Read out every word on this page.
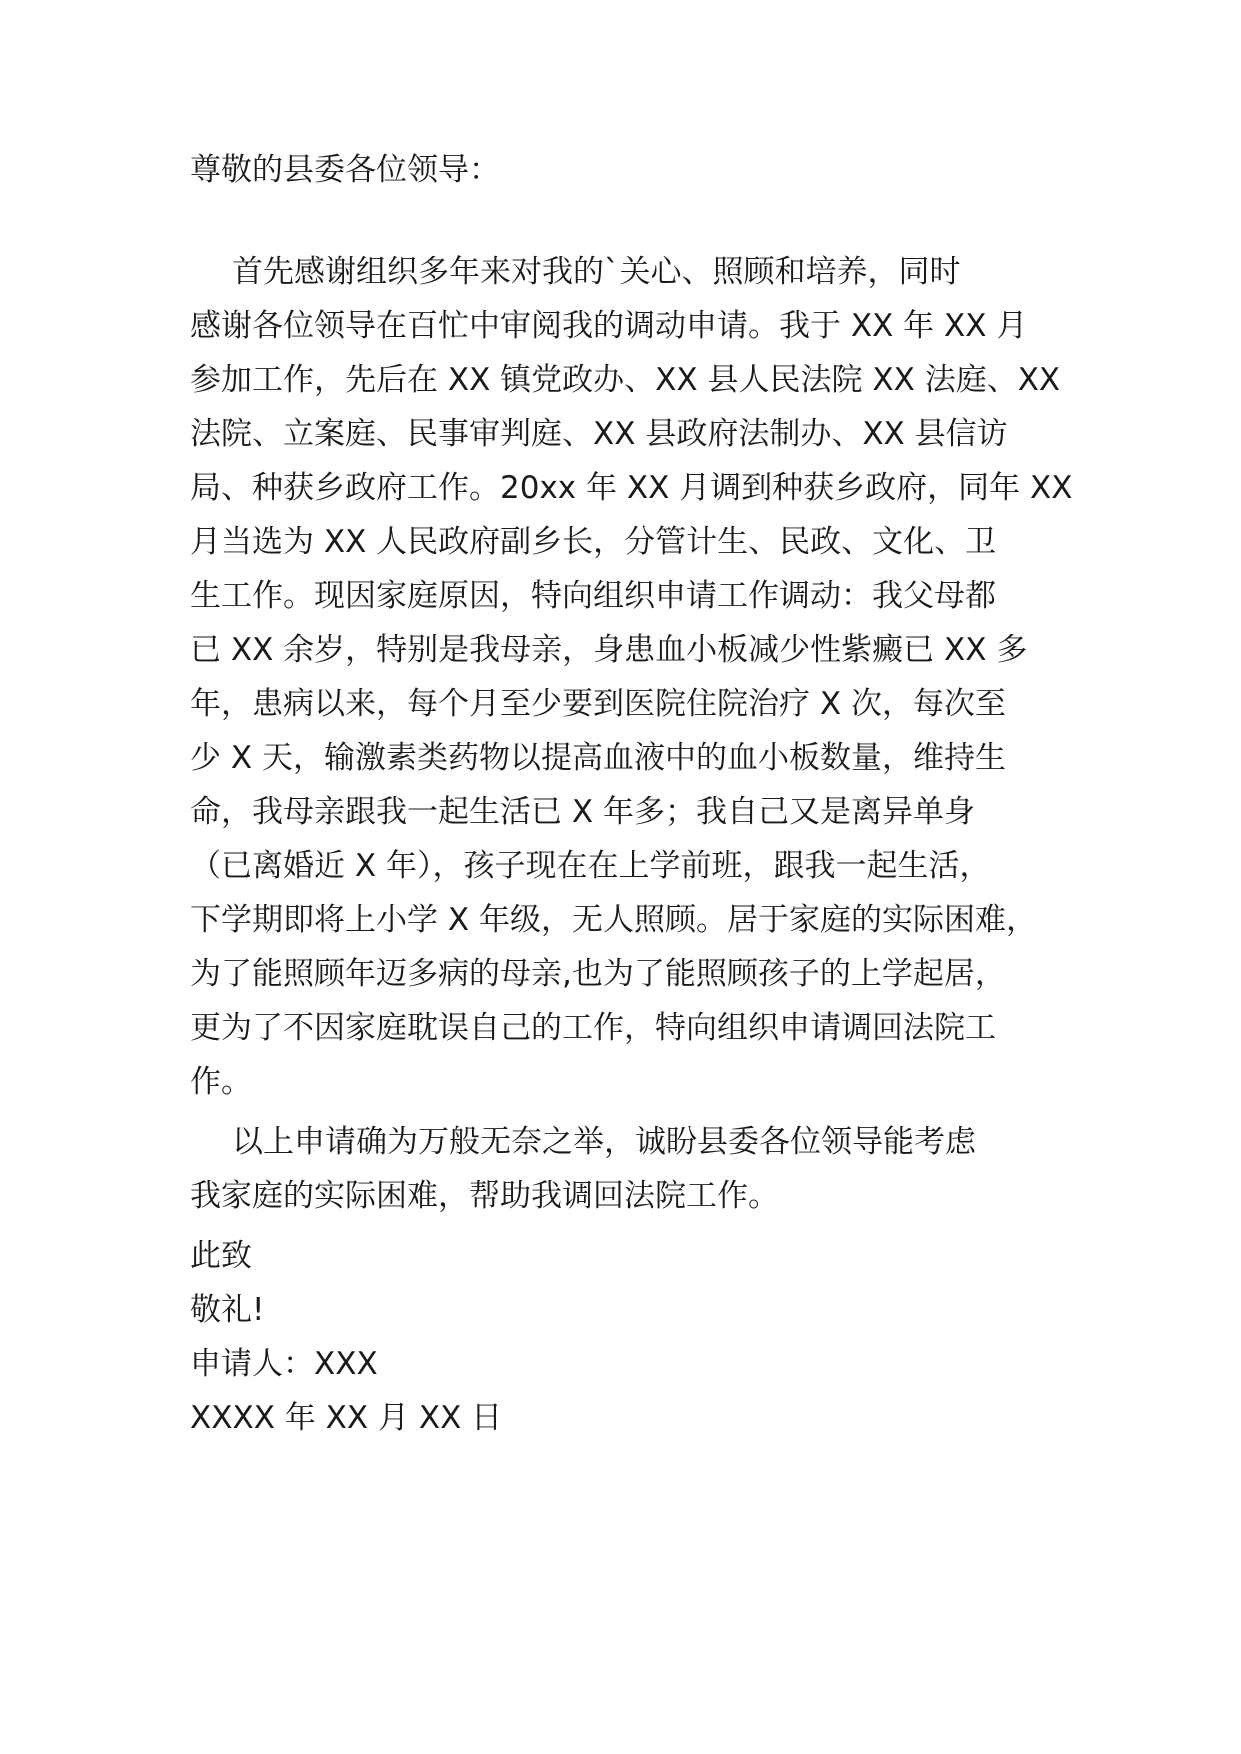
尊敬的县委各位领导：
首先感谢组织多年来对我的`关心、照顾和培养，同时
感谢各位领导在百忙中审阅我的调动申请。我于 XX 年 XX 月
参加工作，先后在 XX 镇党政办、XX 县人民法院 XX 法庭、XX
法院、立案庭、民事审判庭、XX 县政府法制办、XX 县信访
局、种获乡政府工作。20xx 年 XX 月调到种获乡政府，同年 XX
月当选为 XX 人民政府副乡长，分管计生、民政、文化、卫
生工作。现因家庭原因，特向组织申请工作调动：我父母都
已 XX 余岁，特别是我母亲，身患血小板减少性紫癜已 XX 多
年，患病以来，每个月至少要到医院住院治疗 X 次，每次至
少 X 天，输激素类药物以提高血液中的血小板数量，维持生
命，我母亲跟我一起生活已 X 年多；我自己又是离异单身
（已离婚近 X 年），孩子现在在上学前班，跟我一起生活，
下学期即将上小学 X 年级，无人照顾。居于家庭的实际困难，
为了能照顾年迈多病的母亲,也为了能照顾孩子的上学起居，
更为了不因家庭耽误自己的工作，特向组织申请调回法院工
作。
以上申请确为万般无奈之举，诚盼县委各位领导能考虑
我家庭的实际困难，帮助我调回法院工作。
此致
敬礼!
申请人：XXX
XXXX 年 XX 月 XX 日
